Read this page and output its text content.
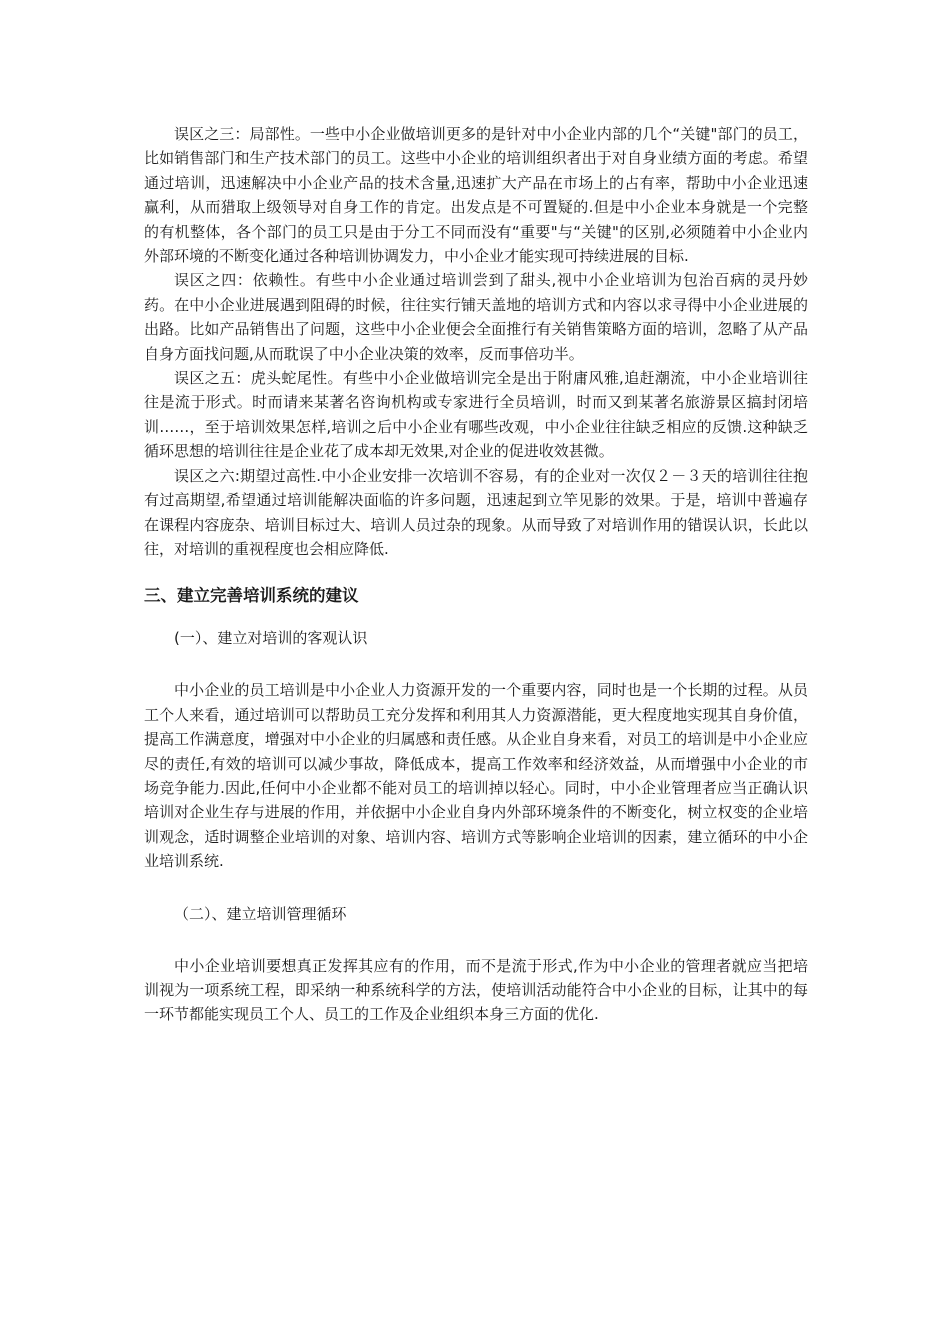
误区之三：局部性。一些中小企业做培训更多的是针对中小企业内部的几个“关键"部门的员工，比如销售部门和生产技术部门的员工。这些中小企业的培训组织者出于对自身业绩方面的考虑。希望通过培训，迅速解决中小企业产品的技术含量,迅速扩大产品在市场上的占有率，帮助中小企业迅速赢利，从而猎取上级领导对自身工作的肯定。出发点是不可置疑的.但是中小企业本身就是一个完整的有机整体，各个部门的员工只是由于分工不同而没有“重要"与“关键"的区别,必须随着中小企业内外部环境的不断变化通过各种培训协调发力，中小企业才能实现可持续进展的目标.

误区之四：依赖性。有些中小企业通过培训尝到了甜头,视中小企业培训为包治百病的灵丹妙药。在中小企业进展遇到阻碍的时候，往往实行铺天盖地的培训方式和内容以求寻得中小企业进展的出路。比如产品销售出了问题，这些中小企业便会全面推行有关销售策略方面的培训，忽略了从产品自身方面找问题,从而耽误了中小企业决策的效率，反而事倍功半。

误区之五：虎头蛇尾性。有些中小企业做培训完全是出于附庸风雅,追赶潮流，中小企业培训往往是流于形式。时而请来某著名咨询机构或专家进行全员培训，时而又到某著名旅游景区搞封闭培训……，至于培训效果怎样,培训之后中小企业有哪些改观，中小企业往往缺乏相应的反馈.这种缺乏循环思想的培训往往是企业花了成本却无效果,对企业的促进收效甚微。

误区之六:期望过高性.中小企业安排一次培训不容易，有的企业对一次仅２－３天的培训往往抱有过高期望,希望通过培训能解决面临的许多问题，迅速起到立竿见影的效果。于是，培训中普遍存在课程内容庞杂、培训目标过大、培训人员过杂的现象。从而导致了对培训作用的错误认识，长此以往，对培训的重视程度也会相应降低.

三、建立完善培训系统的建议
(一）、建立对培训的客观认识

中小企业的员工培训是中小企业人力资源开发的一个重要内容，同时也是一个长期的过程。从员工个人来看，通过培训可以帮助员工充分发挥和利用其人力资源潜能，更大程度地实现其自身价值，提高工作满意度，增强对中小企业的归属感和责任感。从企业自身来看，对员工的培训是中小企业应尽的责任,有效的培训可以减少事故，降低成本，提高工作效率和经济效益，从而增强中小企业的市场竞争能力.因此,任何中小企业都不能对员工的培训掉以轻心。同时，中小企业管理者应当正确认识培训对企业生存与进展的作用，并依据中小企业自身内外部环境条件的不断变化，树立权变的企业培训观念，适时调整企业培训的对象、培训内容、培训方式等影响企业培训的因素，建立循环的中小企业培训系统.

（二）、建立培训管理循环

中小企业培训要想真正发挥其应有的作用，而不是流于形式,作为中小企业的管理者就应当把培训视为一项系统工程，即采纳一种系统科学的方法，使培训活动能符合中小企业的目标，让其中的每一环节都能实现员工个人、员工的工作及企业组织本身三方面的优化.
